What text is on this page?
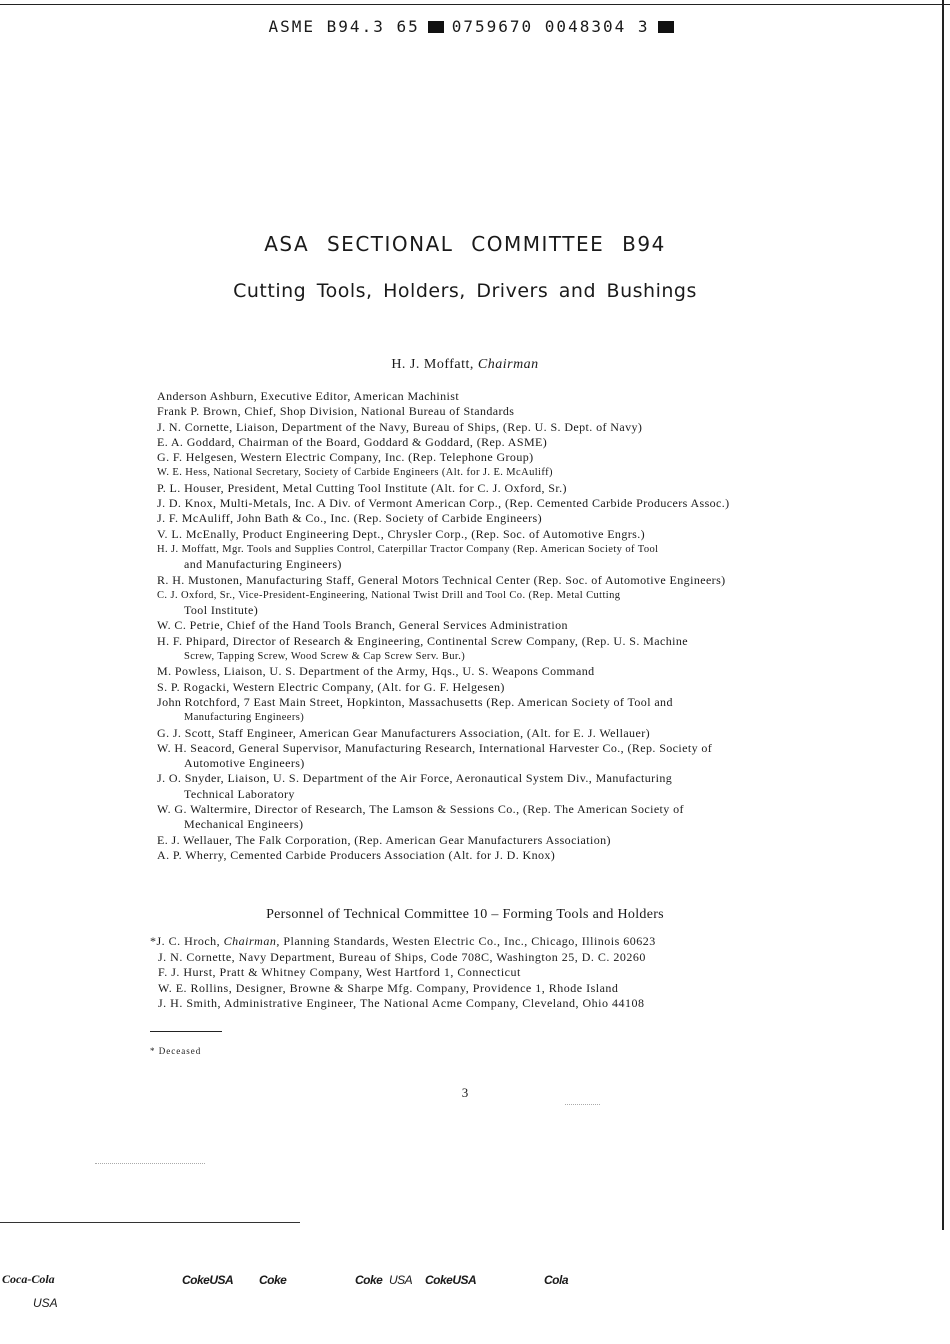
ASME B94.3 65 0759670 0048304 3
ASA SECTIONAL COMMITTEE B94
Cutting Tools, Holders, Drivers and Bushings
H. J. Moffatt, Chairman
Anderson Ashburn, Executive Editor, American Machinist
Frank P. Brown, Chief, Shop Division, National Bureau of Standards
J. N. Cornette, Liaison, Department of the Navy, Bureau of Ships, (Rep. U. S. Dept. of Navy)
E. A. Goddard, Chairman of the Board, Goddard & Goddard, (Rep. ASME)
G. F. Helgesen, Western Electric Company, Inc. (Rep. Telephone Group)
W. E. Hess, National Secretary, Society of Carbide Engineers (Alt. for J. E. McAuliff)
P. L. Houser, President, Metal Cutting Tool Institute (Alt. for C. J. Oxford, Sr.)
J. D. Knox, Multi-Metals, Inc. A Div. of Vermont American Corp., (Rep. Cemented Carbide Producers Assoc.)
J. F. McAuliff, John Bath & Co., Inc. (Rep. Society of Carbide Engineers)
V. L. McEnally, Product Engineering Dept., Chrysler Corp., (Rep. Soc. of Automotive Engrs.)
H. J. Moffatt, Mgr. Tools and Supplies Control, Caterpillar Tractor Company (Rep. American Society of Tool
and Manufacturing Engineers)
R. H. Mustonen, Manufacturing Staff, General Motors Technical Center (Rep. Soc. of Automotive Engineers)
C. J. Oxford, Sr., Vice-President-Engineering, National Twist Drill and Tool Co. (Rep. Metal Cutting
Tool Institute)
W. C. Petrie, Chief of the Hand Tools Branch, General Services Administration
H. F. Phipard, Director of Research & Engineering, Continental Screw Company, (Rep. U. S. Machine
Screw, Tapping Screw, Wood Screw & Cap Screw Serv. Bur.)
M. Powless, Liaison, U. S. Department of the Army, Hqs., U. S. Weapons Command
S. P. Rogacki, Western Electric Company, (Alt. for G. F. Helgesen)
John Rotchford, 7 East Main Street, Hopkinton, Massachusetts (Rep. American Society of Tool and
Manufacturing Engineers)
G. J. Scott, Staff Engineer, American Gear Manufacturers Association, (Alt. for E. J. Wellauer)
W. H. Seacord, General Supervisor, Manufacturing Research, International Harvester Co., (Rep. Society of
Automotive Engineers)
J. O. Snyder, Liaison, U. S. Department of the Air Force, Aeronautical System Div., Manufacturing
Technical Laboratory
W. G. Waltermire, Director of Research, The Lamson & Sessions Co., (Rep. The American Society of
Mechanical Engineers)
E. J. Wellauer, The Falk Corporation, (Rep. American Gear Manufacturers Association)
A. P. Wherry, Cemented Carbide Producers Association (Alt. for J. D. Knox)
Personnel of Technical Committee 10 – Forming Tools and Holders
*J. C. Hroch, Chairman, Planning Standards, Westen Electric Co., Inc., Chicago, Illinois 60623
J. N. Cornette, Navy Department, Bureau of Ships, Code 708C, Washington 25, D. C. 20260
F. J. Hurst, Pratt & Whitney Company, West Hartford 1, Connecticut
W. E. Rollins, Designer, Browne & Sharpe Mfg. Company, Providence 1, Rhode Island
J. H. Smith, Administrative Engineer, The National Acme Company, Cleveland, Ohio 44108
* Deceased
3
Coca-Cola	CokeUSA Coke	Coke USA CokeUSA	Cola
USA
